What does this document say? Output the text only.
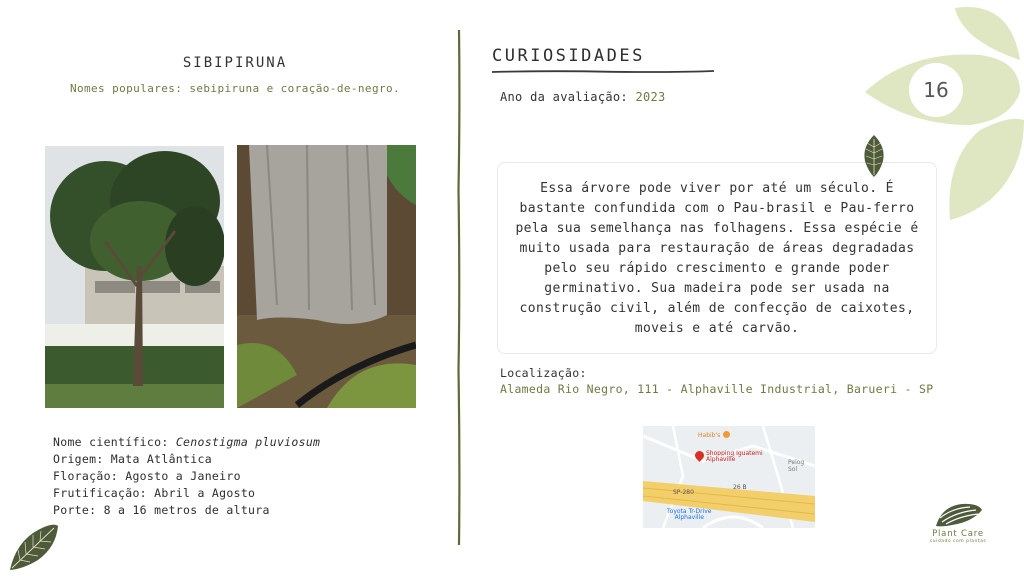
SIBIPIRUNA
Nomes populares: sebipiruna e coração-de-negro.
Nome científico: Cenostigma pluviosum
Origem: Mata Atlântica
Floração: Agosto a Janeiro
Frutificação: Abril a Agosto
Porte: 8 a 16 metros de altura
CURIOSIDADES
Ano da avaliação: 2023

Essa árvore pode viver por até um século. É bastante confundida com o Pau-brasil e Pau-ferro pela sua semelhança nas folhagens. Essa espécie é muito usada para restauração de áreas degradadas pelo seu rápido crescimento e grande poder germinativo. Sua madeira pode ser usada na construção civil, além de confecção de caixotes, moveis e até carvão.

Localização:
Alameda Rio Negro, 111 - Alphaville Industrial, Barueri - SP
Habib's
Shopping Iguatemi
Alphaville	Pelog Sol
26 B
SP-280
Toyota Tr-Drive
Alphaville
16
Plant Care
cuidado com plantas
